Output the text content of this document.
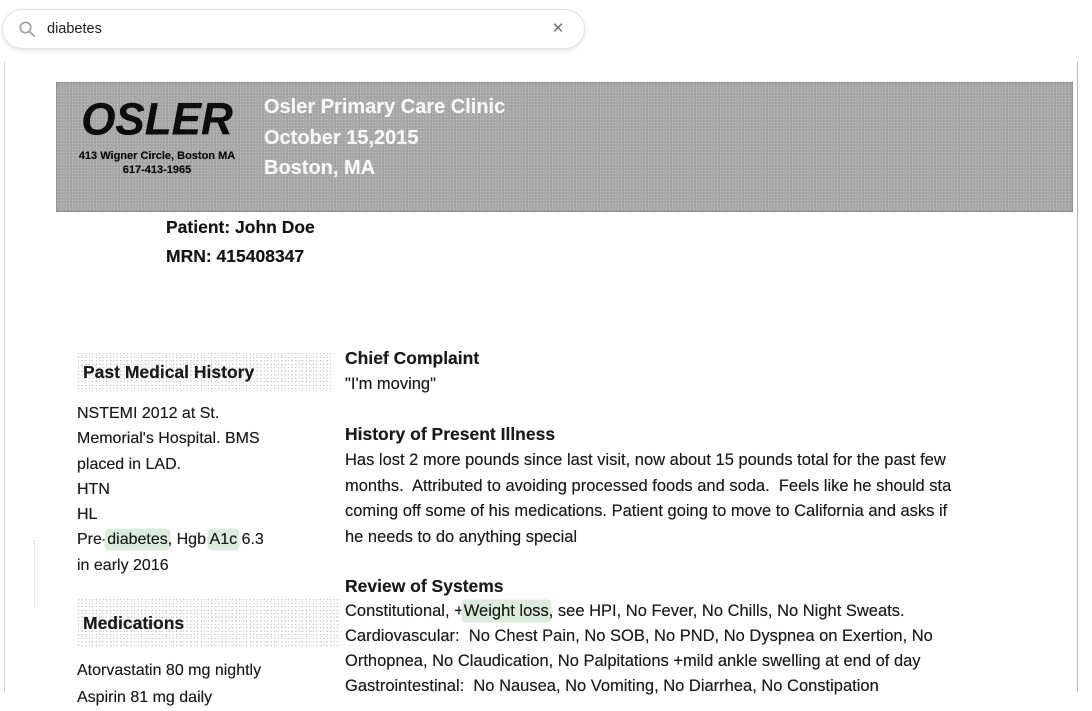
diabetes
✕
OSLER
413 Wigner Circle, Boston MA
617-413-1965
Osler Primary Care Clinic
October 15,2015
Boston, MA
Patient: John Doe
MRN: 415408347
Past Medical History
NSTEMI 2012 at St.
Memorial's Hospital. BMS
placed in LAD.
HTN
HL
Pre-diabetes, Hgb A1c 6.3
in early 2016
Medications
Atorvastatin 80 mg nightly
Aspirin 81 mg daily
Chief Complaint
"I'm moving"
History of Present Illness
Has lost 2 more pounds since last visit, now about 15 pounds total for the past few
months.  Attributed to avoiding processed foods and soda.  Feels like he should sta
coming off some of his medications. Patient going to move to California and asks if
he needs to do anything special
Review of Systems
Constitutional, +Weight loss, see HPI, No Fever, No Chills, No Night Sweats.
Cardiovascular:  No Chest Pain, No SOB, No PND, No Dyspnea on Exertion, No
Orthopnea, No Claudication, No Palpitations +mild ankle swelling at end of day
Gastrointestinal:  No Nausea, No Vomiting, No Diarrhea, No Constipation
